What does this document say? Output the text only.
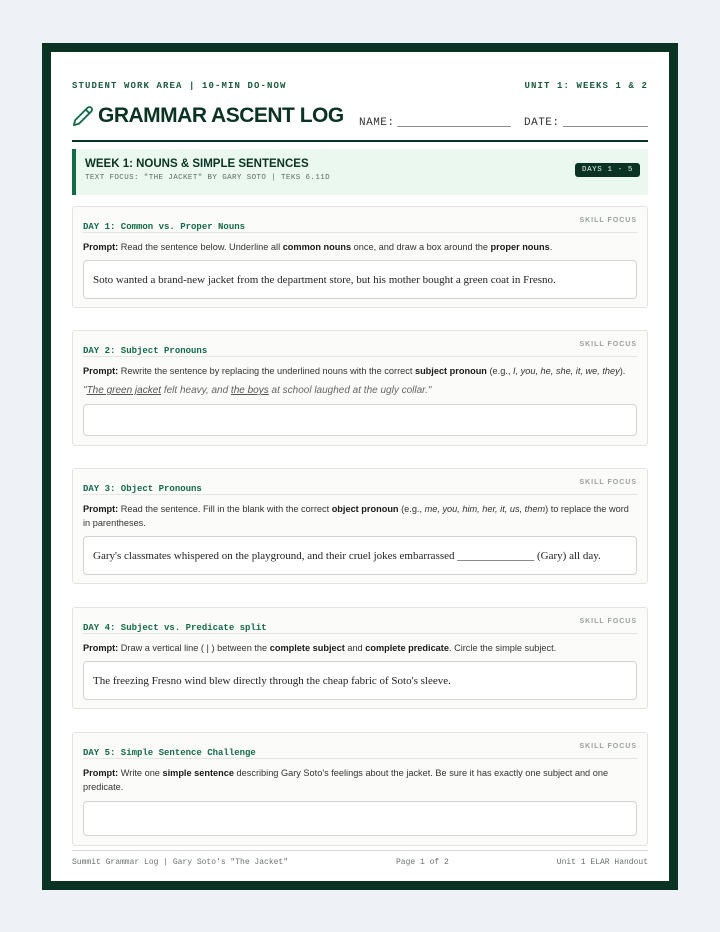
STUDENT WORK AREA | 10-MIN DO-NOW	UNIT 1: WEEKS 1 & 2
GRAMMAR ASCENT LOG NAME:	DATE:
WEEK 1: NOUNS & SIMPLE SENTENCES
TEXT FOCUS: "THE JACKET" BY GARY SOTO | TEKS 6.11D
DAYS 1 - 5
DAY 1: Common vs. Proper Nouns
SKILL FOCUS
Prompt: Read the sentence below. Underline all common nouns once, and draw a box around the proper nouns.
Soto wanted a brand-new jacket from the department store, but his mother bought a green coat in Fresno.
DAY 2: Subject Pronouns
SKILL FOCUS
Prompt: Rewrite the sentence by replacing the underlined nouns with the correct subject pronoun (e.g., I, you, he, she, it, we, they).
"The green jacket felt heavy, and the boys at school laughed at the ugly collar."
DAY 3: Object Pronouns
SKILL FOCUS
Prompt: Read the sentence. Fill in the blank with the correct object pronoun (e.g., me, you, him, her, it, us, them) to replace the word in parentheses.
Gary's classmates whispered on the playground, and their cruel jokes embarrassed ______________ (Gary) all day.
DAY 4: Subject vs. Predicate split
SKILL FOCUS
Prompt: Draw a vertical line ( | ) between the complete subject and complete predicate. Circle the simple subject.
The freezing Fresno wind blew directly through the cheap fabric of Soto's sleeve.
DAY 5: Simple Sentence Challenge
SKILL FOCUS
Prompt: Write one simple sentence describing Gary Soto's feelings about the jacket. Be sure it has exactly one subject and one predicate.
Summit Grammar Log | Gary Soto's "The Jacket"	Page 1 of 2	Unit 1 ELAR Handout
